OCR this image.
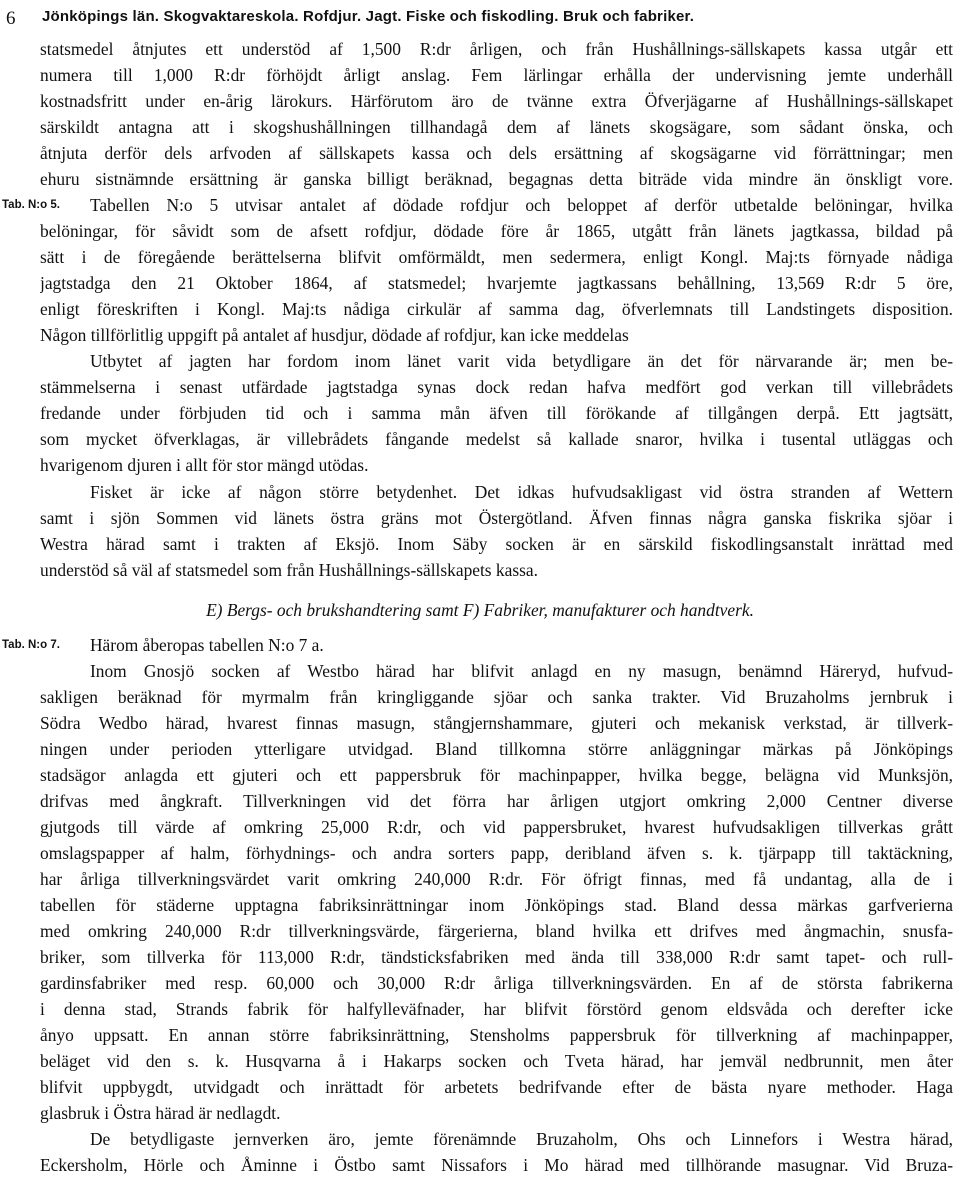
6 Jönköpings län. Skogvaktareskola. Rofdjur. Jagt. Fiske och fiskodling. Bruk och fabriker.
statsmedel åtnjutes ett understöd af 1,500 R:dr årligen, och från Hushållnings-sällskapets kassa utgår ett
numera till 1,000 R:dr förhöjdt årligt anslag. Fem lärlingar erhålla der undervisning jemte underhåll
kostnadsfritt under en-årig lärokurs. Härförutom äro de tvänne extra Öfverjägarne af Hushållnings-sällskapet
särskildt antagna att i skogshushållningen tillhandagå dem af länets skogsägare, som sådant önska, och
åtnjuta derför dels arfvoden af sällskapets kassa och dels ersättning af skogsägarne vid förrättningar; men
ehuru sistnämnde ersättning är ganska billigt beräknad, begagnas detta biträde vida mindre än önskligt vore.
Tab. N:o 5. Tabellen N:o 5 utvisar antalet af dödade rofdjur och beloppet af derför utbetalde belöningar, hvilka
belöningar, för såvidt som de afsett rofdjur, dödade före år 1865, utgått från länets jagtkassa, bildad på
sätt i de föregående berättelserna blifvit omförmäldt, men sedermera, enligt Kongl. Maj:ts förnyade nådiga
jagtstadga den 21 Oktober 1864, af statsmedel; hvarjemte jagtkassans behållning, 13,569 R:dr 5 öre,
enligt föreskriften i Kongl. Maj:ts nådiga cirkulär af samma dag, öfverlemnats till Landstingets disposition.
Någon tillförlitlig uppgift på antalet af husdjur, dödade af rofdjur, kan icke meddelas
Utbytet af jagten har fordom inom länet varit vida betydligare än det för närvarande är; men be-
stämmelserna i senast utfärdade jagtstadga synas dock redan hafva medfört god verkan till villebrådets
fredande under förbjuden tid och i samma mån äfven till förökande af tillgången derpå. Ett jagtsätt,
som mycket öfverklagas, är villebrådets fångande medelst så kallade snaror, hvilka i tusental utläggas och
hvarigenom djuren i allt för stor mängd utödas.
Fisket är icke af någon större betydenhet. Det idkas hufvudsakligast vid östra stranden af Wettern
samt i sjön Sommen vid länets östra gräns mot Östergötland. Äfven finnas några ganska fiskrika sjöar i
Westra härad samt i trakten af Eksjö. Inom Säby socken är en särskild fiskodlingsanstalt inrättad med
understöd så väl af statsmedel som från Hushållnings-sällskapets kassa.
E) Bergs- och brukshandtering samt F) Fabriker, manufakturer och handtverk.
Tab. N:o 7. Härom åberopas tabellen N:o 7 a.
Inom Gnosjö socken af Westbo härad har blifvit anlagd en ny masugn, benämnd Häreryd, hufvud-
sakligen beräknad för myrmalm från kringliggande sjöar och sanka trakter. Vid Bruzaholms jernbruk i
Södra Wedbo härad, hvarest finnas masugn, stångjernshammare, gjuteri och mekanisk verkstad, är tillverk-
ningen under perioden ytterligare utvidgad. Bland tillkomna större anläggningar märkas på Jönköpings
stadsägor anlagda ett gjuteri och ett pappersbruk för machinpapper, hvilka begge, belägna vid Munksjön,
drifvas med ångkraft. Tillverkningen vid det förra har årligen utgjort omkring 2,000 Centner diverse
gjutgods till värde af omkring 25,000 R:dr, och vid pappersbruket, hvarest hufvudsakligen tillverkas grått
omslagspapper af halm, förhydnings- och andra sorters papp, deribland äfven s. k. tjärpapp till taktäckning,
har årliga tillverkningsvärdet varit omkring 240,000 R:dr. För öfrigt finnas, med få undantag, alla de i
tabellen för städerne upptagna fabriksinrättningar inom Jönköpings stad. Bland dessa märkas garfverierna
med omkring 240,000 R:dr tillverkningsvärde, färgerierna, bland hvilka ett drifves med ångmachin, snusfa-
briker, som tillverka för 113,000 R:dr, tändsticksfabriken med ända till 338,000 R:dr samt tapet- och rull-
gardinsfabriker med resp. 60,000 och 30,000 R:dr årliga tillverkningsvärden. En af de största fabrikerna
i denna stad, Strands fabrik för halfylleväfnader, har blifvit förstörd genom eldsvåda och derefter icke
ånyo uppsatt. En annan större fabriksinrättning, Stensholms pappersbruk för tillverkning af machinpapper,
beläget vid den s. k. Husqvarna å i Hakarps socken och Tveta härad, har jemväl nedbrunnit, men åter
blifvit uppbygdt, utvidgadt och inrättadt för arbetets bedrifvande efter de bästa nyare methoder. Haga
glasbruk i Östra härad är nedlagdt.
De betydligaste jernverken äro, jemte förenämnde Bruzaholm, Ohs och Linnefors i Westra härad,
Eckersholm, Hörle och Åminne i Östbo samt Nissafors i Mo härad med tillhörande masugnar. Vid Bruza-
